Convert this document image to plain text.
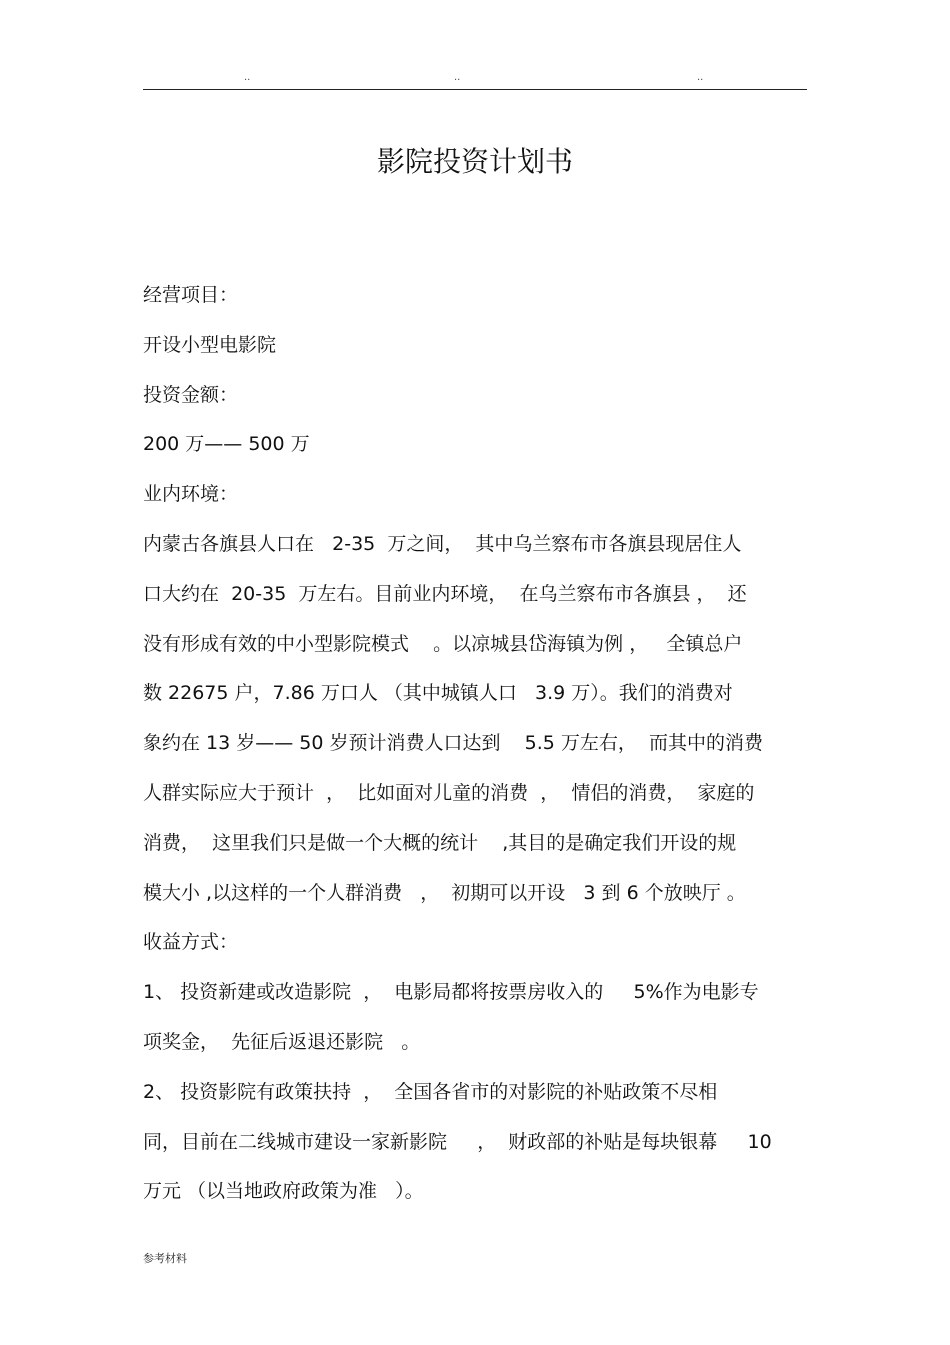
..	..	..
影院投资计划书
经营项目：
开设小型电影院
投资金额：
200 万—— 500 万
业内环境：
内蒙古各旗县人口在   2-35  万之间，  其中乌兰察布市各旗县现居住人
口大约在  20-35  万左右。目前业内环境，  在乌兰察布市各旗县 ，  还
没有形成有效的中小型影院模式    。以凉城县岱海镇为例 ，   全镇总户
数 22675 户，7.86 万口人 （其中城镇人口   3.9 万）。我们的消费对
象约在 13 岁—— 50 岁预计消费人口达到    5.5 万左右，  而其中的消费
人群实际应大于预计  ，  比如面对儿童的消费  ，  情侣的消费，  家庭的
消费，  这里我们只是做一个大概的统计    ,其目的是确定我们开设的规
模大小 ,以这样的一个人群消费   ，  初期可以开设   3 到 6 个放映厅 。
收益方式：
1、 投资新建或改造影院  ，  电影局都将按票房收入的     5%作为电影专
项奖金，  先征后返退还影院   。
2、 投资影院有政策扶持  ，  全国各省市的对影院的补贴政策不尽相
同，目前在二线城市建设一家新影院     ，  财政部的补贴是每块银幕     10
万元 （以当地政府政策为准   ）。
参考材料
